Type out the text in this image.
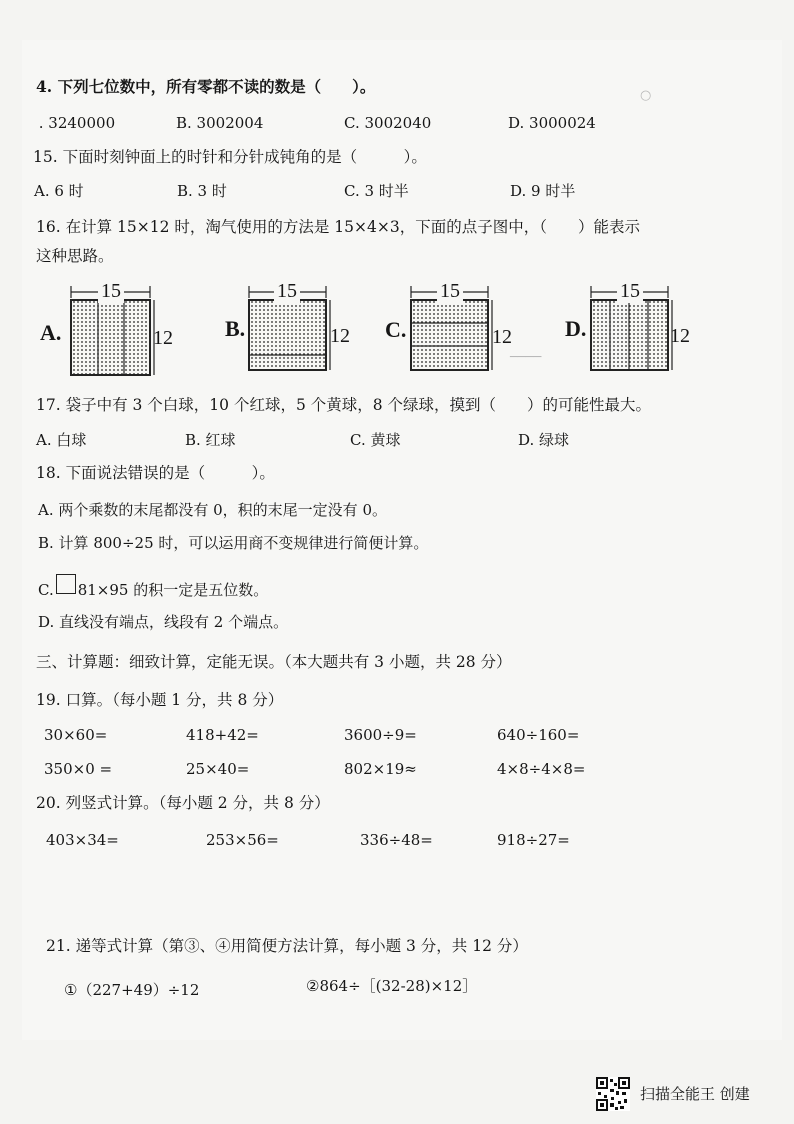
○
────
4. 下列七位数中，所有零都不读的数是（　　）。
 . 3240000	B. 3002004	C. 3002040	D. 3000024
15. 下面时刻钟面上的时针和分针成钝角的是（　　　）。
A. 6 时	B. 3 时	C. 3 时半	D. 9 时半
16. 在计算 15×12 时，淘气使用的方法是 15×4×3，下面的点子图中，（　　）能表示
这种思路。
A.
15
12 B.
15
12 C.
15
12 D.
15
12
17. 袋子中有 3 个白球，10 个红球，5 个黄球，8 个绿球，摸到（　　）的可能性最大。
A. 白球	B. 红球	C. 黄球	D. 绿球
18. 下面说法错误的是（　　　）。
A. 两个乘数的末尾都没有 0，积的末尾一定没有 0。
B. 计算 800÷25 时，可以运用商不变规律进行简便计算。
C. 81×95 的积一定是五位数。
D. 直线没有端点，线段有 2 个端点。
三、计算题：细致计算，定能无误。（本大题共有 3 小题，共 28 分）
19. 口算。（每小题 1 分，共 8 分）
30×60=	418+42=	3600÷9=	640÷160=
350×0 =	25×40=	802×19≈	4×8÷4×8=
20. 列竖式计算。（每小题 2 分，共 8 分）
403×34=	253×56=	336÷48=	918÷27=
21. 递等式计算（第③、④用简便方法计算，每小题 3 分，共 12 分）
①（227+49）÷12	②864÷［(32-28)×12］
扫描全能王 创建
